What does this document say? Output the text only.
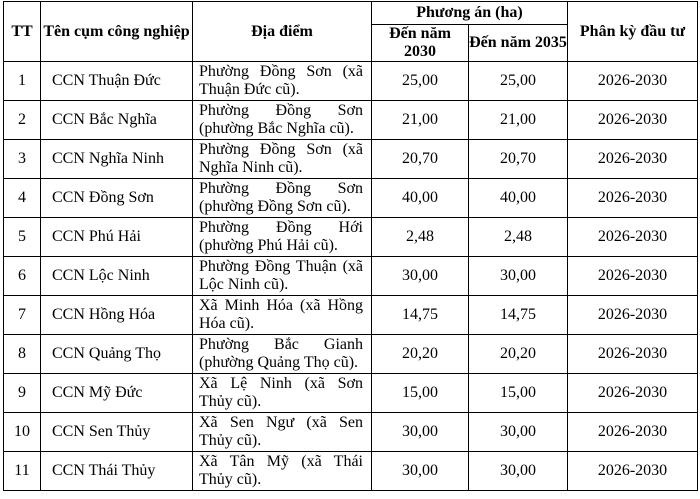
TT	Tên cụm công nghiệp	Địa điểm	Phương án (ha)		Phân kỳ đầu tư
			Đến năm 2030	Đến năm 2035	
1	CCN Thuận Đức	Phường Đồng Sơn (xã Thuận Đức cũ).	25,00	25,00	2026-2030
2	CCN Bắc Nghĩa	Phường Đồng Sơn (phường Bắc Nghĩa cũ).	21,00	21,00	2026-2030
3	CCN Nghĩa Ninh	Phường Đồng Sơn (xã Nghĩa Ninh cũ).	20,70	20,70	2026-2030
4	CCN Đồng Sơn	Phường Đồng Sơn (phường Đồng Sơn cũ).	40,00	40,00	2026-2030
5	CCN Phú Hải	Phường Đồng Hới (phường Phú Hải cũ).	2,48	2,48	2026-2030
6	CCN Lộc Ninh	Phường Đồng Thuận (xã Lộc Ninh cũ).	30,00	30,00	2026-2030
7	CCN Hồng Hóa	Xã Minh Hóa (xã Hồng Hóa cũ).	14,75	14,75	2026-2030
8	CCN Quảng Thọ	Phường Bắc Gianh (phường Quảng Thọ cũ).	20,20	20,20	2026-2030
9	CCN Mỹ Đức	Xã Lệ Ninh (xã Sơn Thủy cũ).	15,00	15,00	2026-2030
10	CCN Sen Thủy	Xã Sen Ngư (xã Sen Thủy cũ).	30,00	30,00	2026-2030
11	CCN Thái Thủy	Xã Tân Mỹ (xã Thái Thủy cũ).	30,00	30,00	2026-2030
